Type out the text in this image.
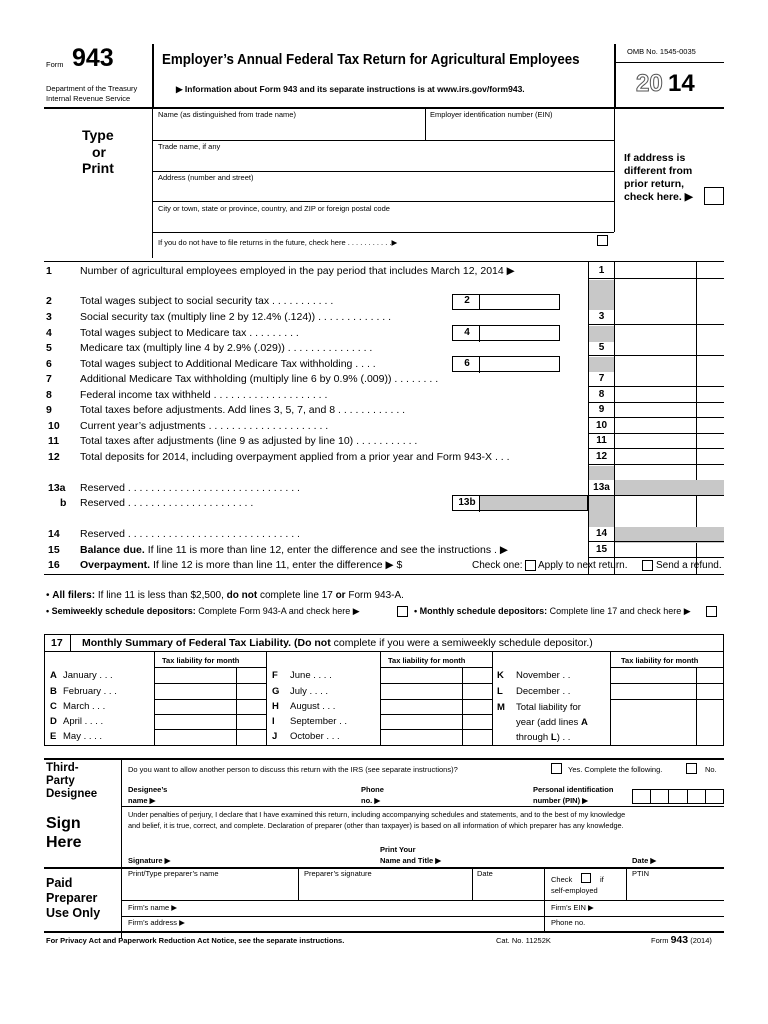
Form 943
Department of the Treasury
Internal Revenue Service
Employer’s Annual Federal Tax Return for Agricultural Employees
▶ Information about Form 943 and its separate instructions is at www.irs.gov/form943.
OMB No. 1545-0035
20 14
Type
or
Print
Name (as distinguished from trade name)	Employer identification number (EIN)
Trade name, if any
Address (number and street)
City or town, state or province, country, and ZIP or foreign postal code
If you do not have to file returns in the future, check here . . . . . . . . . . .▶
If address is
different from
prior return,
check here. ▶
1	Number of agricultural employees employed in the pay period that includes March 12, 2014 ▶	1
2	Total wages subject to social security tax . . . . . . . . . . .	2
3	Social security tax (multiply line 2 by 12.4% (.124)) . . . . . . . . . . . . .	3
4	Total wages subject to Medicare tax . . . . . . . . .	4
5	Medicare tax (multiply line 4 by 2.9% (.029)) . . . . . . . . . . . . . . .	5
6	Total wages subject to Additional Medicare Tax withholding . . . .	6
7	Additional Medicare Tax withholding (multiply line 6 by 0.9% (.009)) . . . . . . . .	7
8	Federal income tax withheld . . . . . . . . . . . . . . . . . . . .	8
9	Total taxes before adjustments. Add lines 3, 5, 7, and 8 . . . . . . . . . . . .	9
10 Current year’s adjustments . . . . . . . . . . . . . . . . . . . . .	10
11 Total taxes after adjustments (line 9 as adjusted by line 10) . . . . . . . . . . .	11
12 Total deposits for 2014, including overpayment applied from a prior year and Form 943-X . . .	12
13a Reserved . . . . . . . . . . . . . . . . . . . . . . . . . . . . . .	13a
b Reserved . . . . . . . . . . . . . . . . . . . . . .	13b
14 Reserved . . . . . . . . . . . . . . . . . . . . . . . . . . . . . .	14
15 Balance due. If line 11 is more than line 12, enter the difference and see the instructions . ▶	15
16 Overpayment. If line 12 is more than line 11, enter the difference ▶ $	Check one: Apply to next return.	Send a refund.
• All filers: If line 11 is less than $2,500, do not complete line 17 or Form 943-A.
• Semiweekly schedule depositors: Complete Form 943-A and check here ▶	• Monthly schedule depositors: Complete line 17 and check here ▶
17 Monthly Summary of Federal Tax Liability. (Do not complete if you were a semiweekly schedule depositor.)
Tax liability for month	Tax liability for month	Tax liability for month
A January . . .
B February . . .
C March . . .
D April . . . .
E May . . . .
F June . . . .
G July . . . .
H August . . .
I September . .
J October . . .
K November . .
L December . .
M Total liability for
year (add lines A
through L) . .
Third-
Party
Designee
Do you want to allow another person to discuss this return with the IRS (see separate instructions)?	Yes. Complete the following.	No.
Designee’s
name ▶
Phone
no. ▶
Personal identification
number (PIN) ▶
Sign
Here
Under penalties of perjury, I declare that I have examined this return, including accompanying schedules and statements, and to the best of my knowledge
and belief, it is true, correct, and complete. Declaration of preparer (other than taxpayer) is based on all information of which preparer has any knowledge.
Signature ▶
Print Your
Name and Title ▶	Date ▶
Paid
Preparer
Use Only
Print/Type preparer’s name	Preparer’s signature	Date
Check	if
self-employed
PTIN
Firm’s name ▶	Firm’s EIN ▶
Firm’s address ▶	Phone no.
For Privacy Act and Paperwork Reduction Act Notice, see the separate instructions.	Cat. No. 11252K	Form 943 (2014)
